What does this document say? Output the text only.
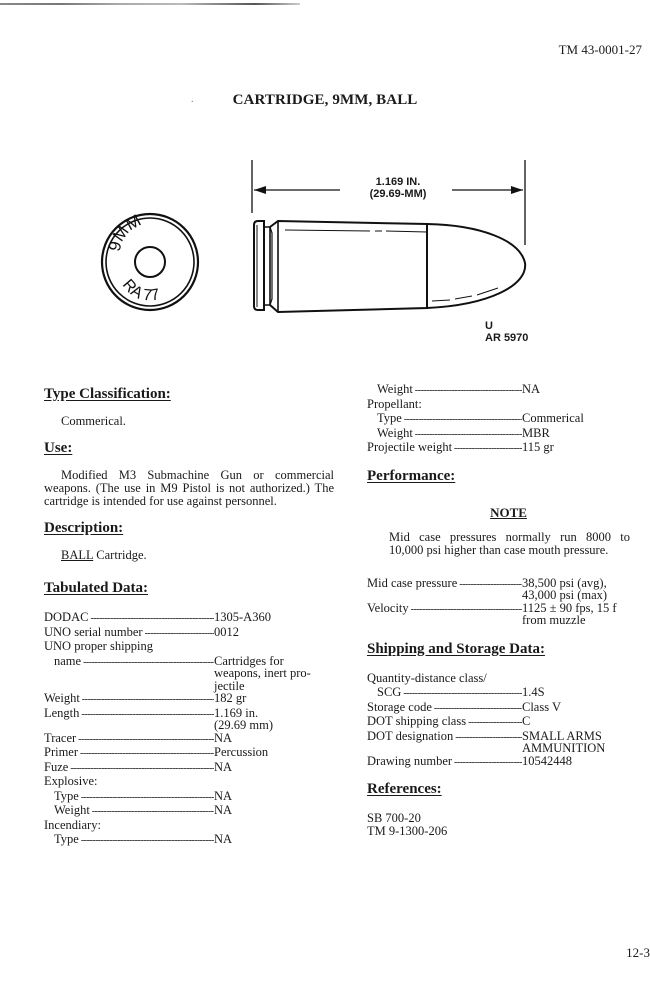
TM 43-0001-27
.	CARTRIDGE, 9MM, BALL
9MM
RA 77
1.169 IN.
(29.69-MM)
U
AR 5970
Type Classification:
Commerical.
Use:
Modified M3 Submachine Gun or commercial weapons. (The use in M9 Pistol is not authorized.) The cartridge is intended for use against personnel.
Description:
BALL Cartridge.
Tabulated Data:
DODAC -----	1305-A360
UNO serial number -----	0012
UNO proper shipping
name -----	Cartridges for
weapons, inert pro-
jectile
Weight -----	182 gr
Length -----	1.169 in.
(29.69 mm)
Tracer -----	NA
Primer -----	Percussion
Fuze -----	NA
Explosive:
Type -----	NA
Weight -----	NA
Incendiary:
Type -----	NA
Weight -----	NA
Propellant:
Type -----	Commerical
Weight -----	MBR
Projectile weight -----	115 gr
Performance:
NOTE
Mid case pressures normally run 8000 to 10,000 psi higher than case mouth pressure.
Mid case pressure -----	38,500 psi (avg),
43,000 psi (max)
Velocity -----	1125 ± 90 fps, 15 f
from muzzle
Shipping and Storage Data:
Quantity-distance class/
SCG -----	1.4S
Storage code -----	Class V
DOT shipping class -----	C
DOT designation -----	SMALL ARMS
AMMUNITION
Drawing number -----	10542448
References:
SB 700-20
TM 9-1300-206
12-3
